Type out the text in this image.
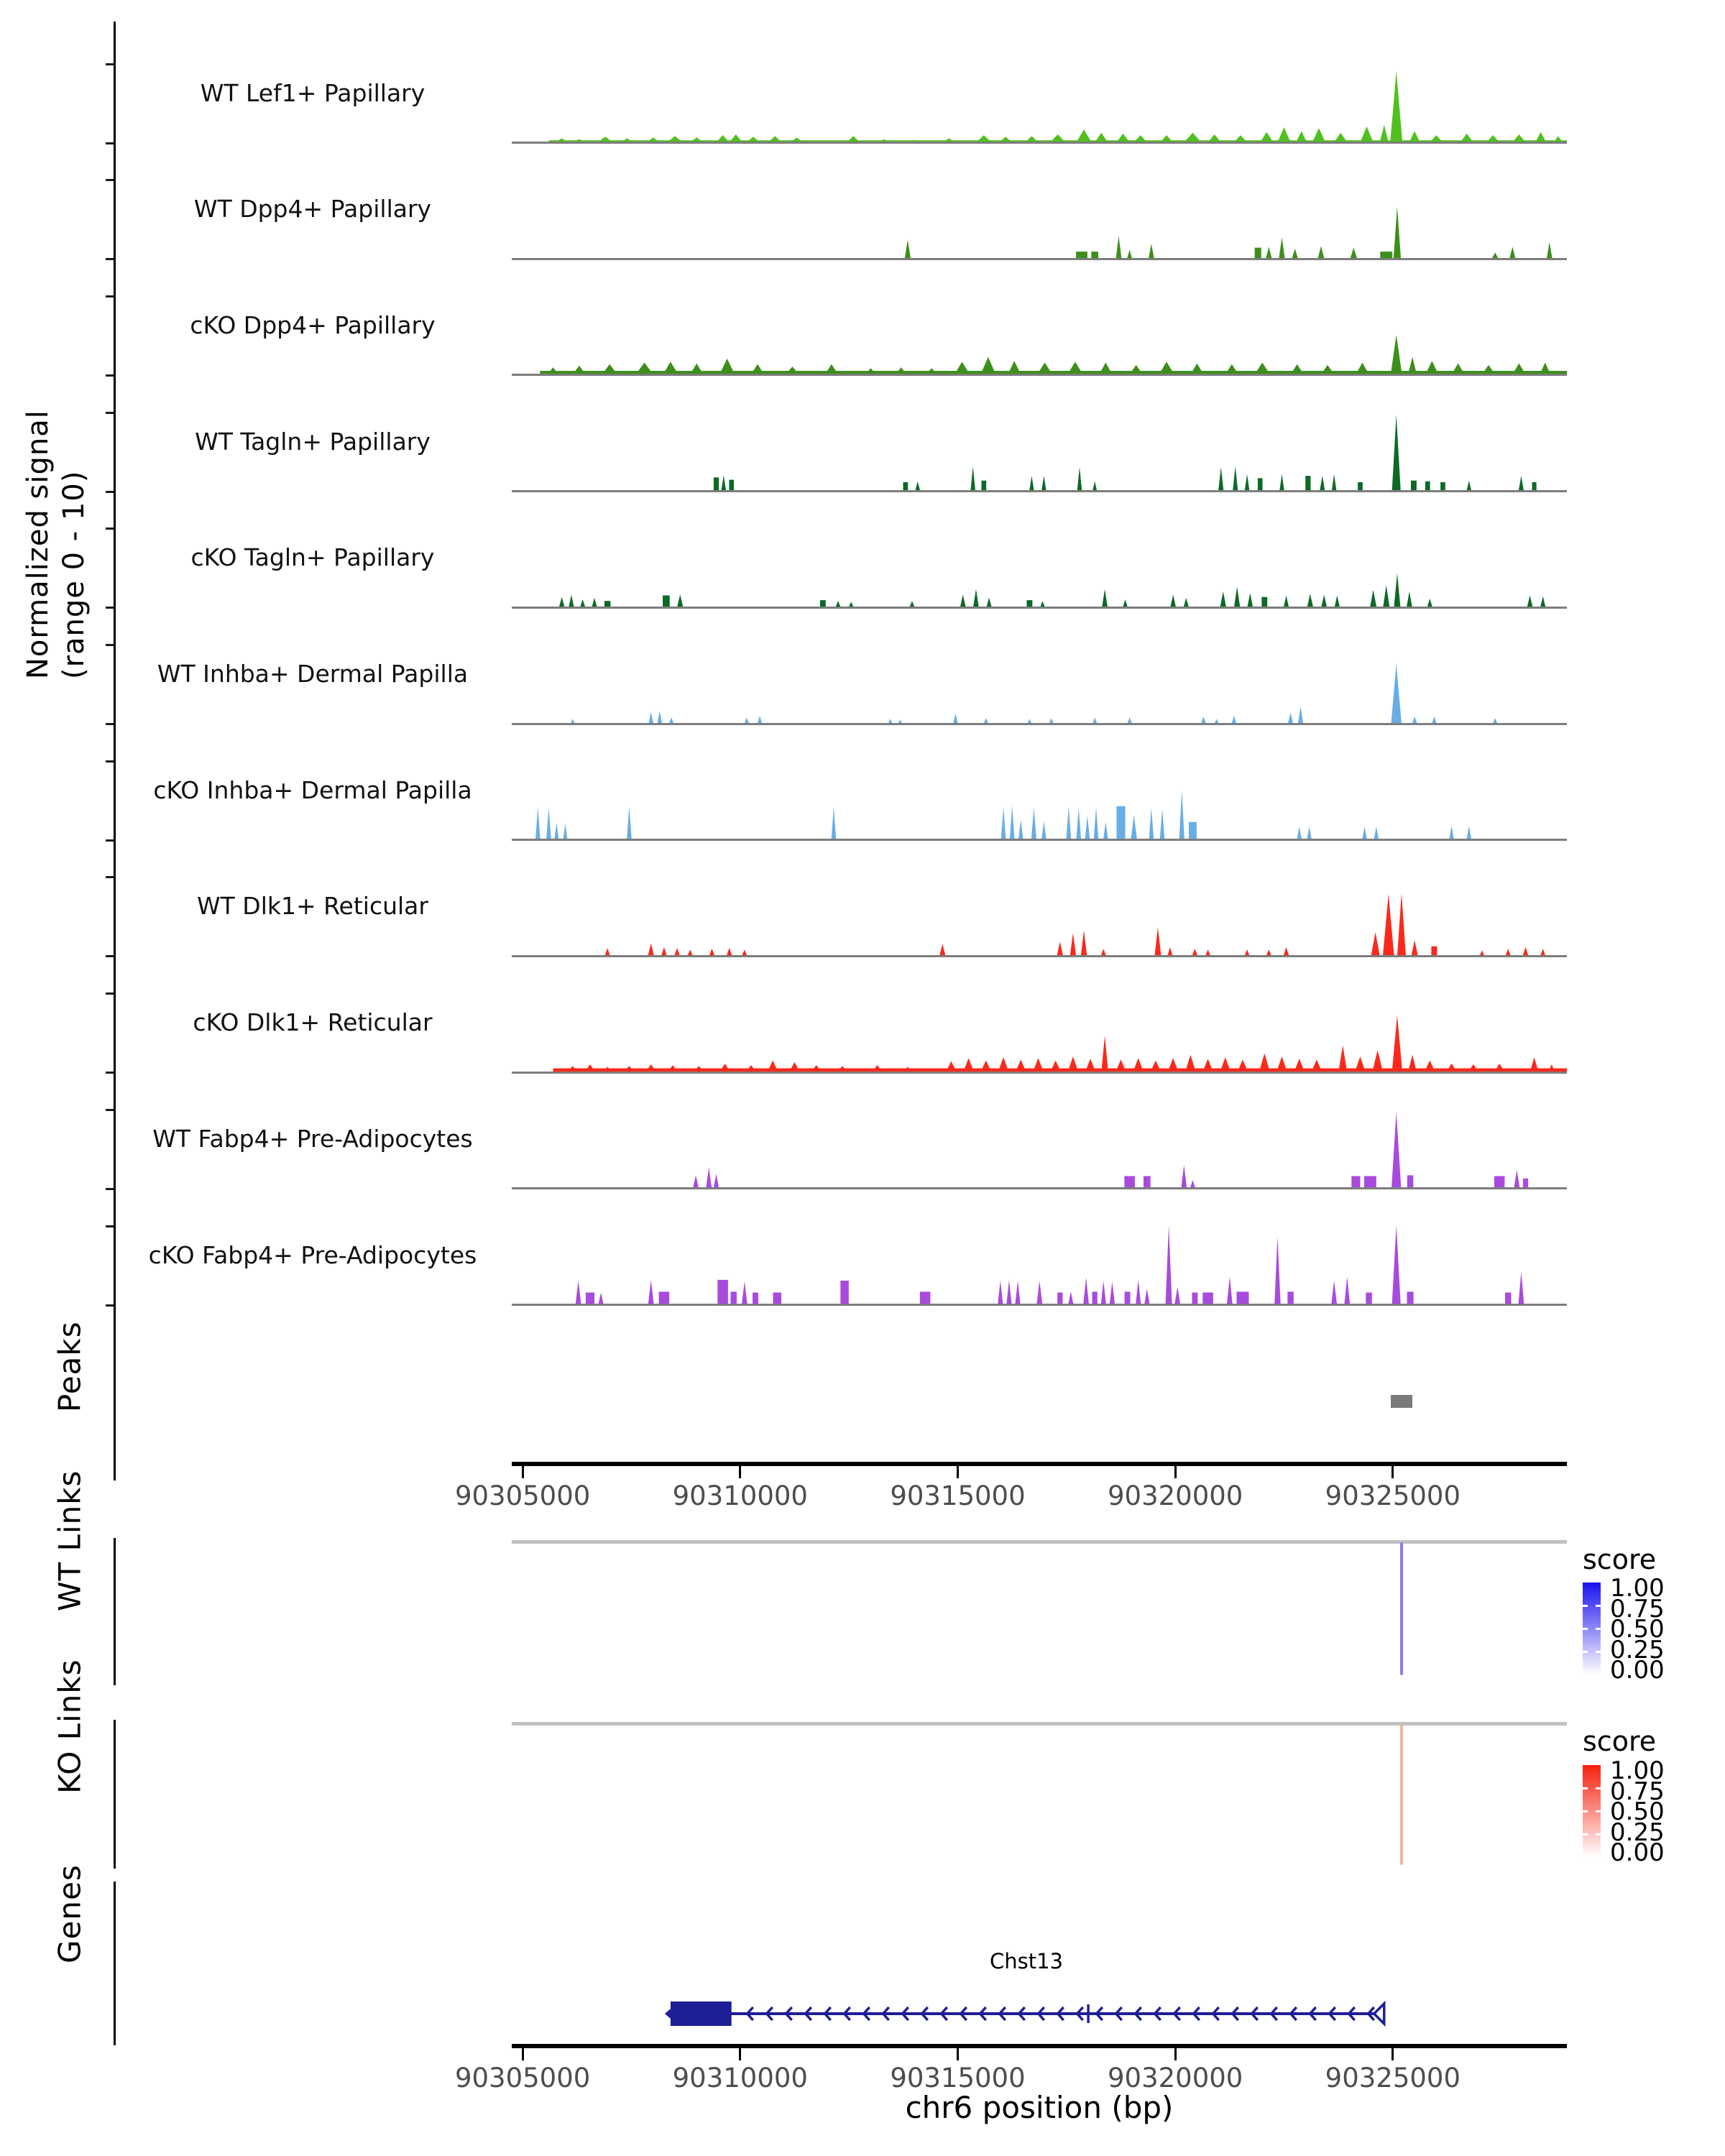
Normalized signal (range 0 - 10)
WT Lef1+ Papillary
WT Dpp4+ Papillary
cKO Dpp4+ Papillary
WT Tagln+ Papillary
cKO Tagln+ Papillary
WT Inhba+ Dermal Papilla
cKO Inhba+ Dermal Papilla
WT Dlk1+ Reticular
cKO Dlk1+ Reticular
WT Fabp4+ Pre-Adipocytes
cKO Fabp4+ Pre-Adipocytes
Peaks
90305000	90310000	90315000	90320000	90325000
WT Links	score
1.00
0.75
0.50
0.25
0.00
KO Links	score
1.00
0.75
0.50
0.25
0.00
Genes	Chst13
90305000	90310000	90315000	90320000	90325000
chr6 position (bp)
